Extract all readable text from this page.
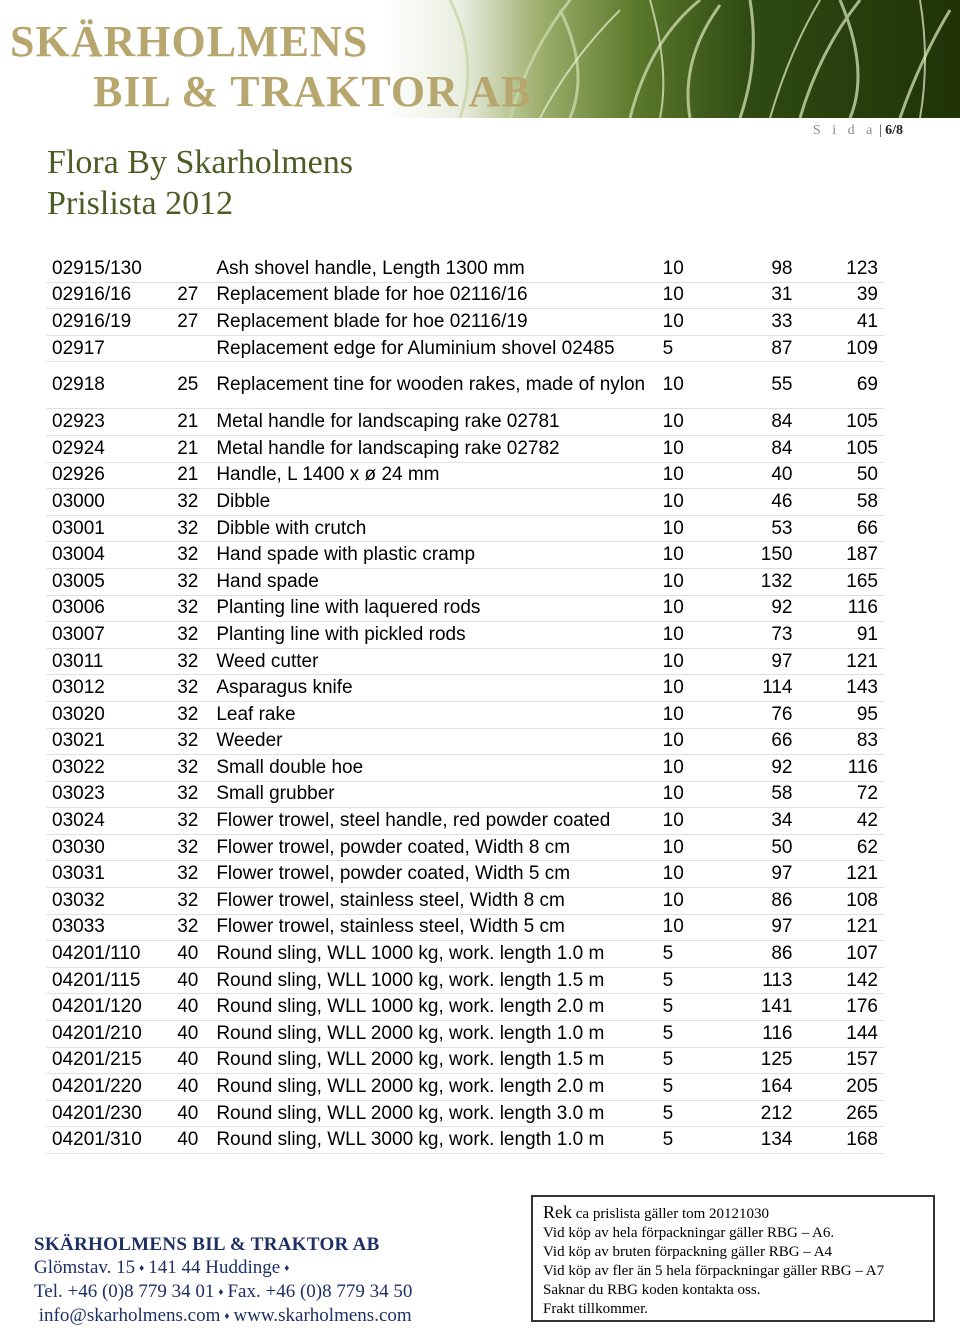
SKÄRHOLMENS
BIL & TRAKTOR AB
S i d a | 6/8
Flora By Skarholmens
Prislista 2012
02915/130		Ash shovel handle, Length 1300 mm	10	98	123
02916/16	27	Replacement blade for hoe 02116/16	10	31	39
02916/19	27	Replacement blade for hoe 02116/19	10	33	41
02917		Replacement edge for Aluminium shovel 02485	5	87	109
02918	25	Replacement tine for wooden rakes, made of nylon	10	55	69
02923	21	Metal handle for landscaping rake 02781	10	84	105
02924	21	Metal handle for landscaping rake 02782	10	84	105
02926	21	Handle, L 1400 x ø 24 mm	10	40	50
03000	32	Dibble	10	46	58
03001	32	Dibble with crutch	10	53	66
03004	32	Hand spade with plastic cramp	10	150	187
03005	32	Hand spade	10	132	165
03006	32	Planting line with laquered rods	10	92	116
03007	32	Planting line with pickled rods	10	73	91
03011	32	Weed cutter	10	97	121
03012	32	Asparagus knife	10	114	143
03020	32	Leaf rake	10	76	95
03021	32	Weeder	10	66	83
03022	32	Small double hoe	10	92	116
03023	32	Small grubber	10	58	72
03024	32	Flower trowel, steel handle, red powder coated	10	34	42
03030	32	Flower trowel, powder coated, Width 8 cm	10	50	62
03031	32	Flower trowel, powder coated, Width 5 cm	10	97	121
03032	32	Flower trowel, stainless steel, Width 8 cm	10	86	108
03033	32	Flower trowel, stainless steel, Width 5 cm	10	97	121
04201/110	40	Round sling, WLL 1000 kg, work. length 1.0 m	5	86	107
04201/115	40	Round sling, WLL 1000 kg, work. length 1.5 m	5	113	142
04201/120	40	Round sling, WLL 1000 kg, work. length 2.0 m	5	141	176
04201/210	40	Round sling, WLL 2000 kg, work. length 1.0 m	5	116	144
04201/215	40	Round sling, WLL 2000 kg, work. length 1.5 m	5	125	157
04201/220	40	Round sling, WLL 2000 kg, work. length 2.0 m	5	164	205
04201/230	40	Round sling, WLL 2000 kg, work. length 3.0 m	5	212	265
04201/310	40	Round sling, WLL 3000 kg, work. length 1.0 m	5	134	168
SKÄRHOLMENS BIL & TRAKTOR AB
Glömstav. 15 ♦ 141 44 Huddinge ♦
Tel. +46 (0)8 779 34 01 ♦ Fax. +46 (0)8 779 34 50
info@skarholmens.com ♦ www.skarholmens.com
Rek ca prislista gäller tom 20121030
Vid köp av hela förpackningar gäller RBG – A6.
Vid köp av bruten förpackning gäller RBG – A4
Vid köp av fler än 5 hela förpackningar gäller RBG – A7
Saknar du RBG koden kontakta oss.
Frakt tillkommer.
